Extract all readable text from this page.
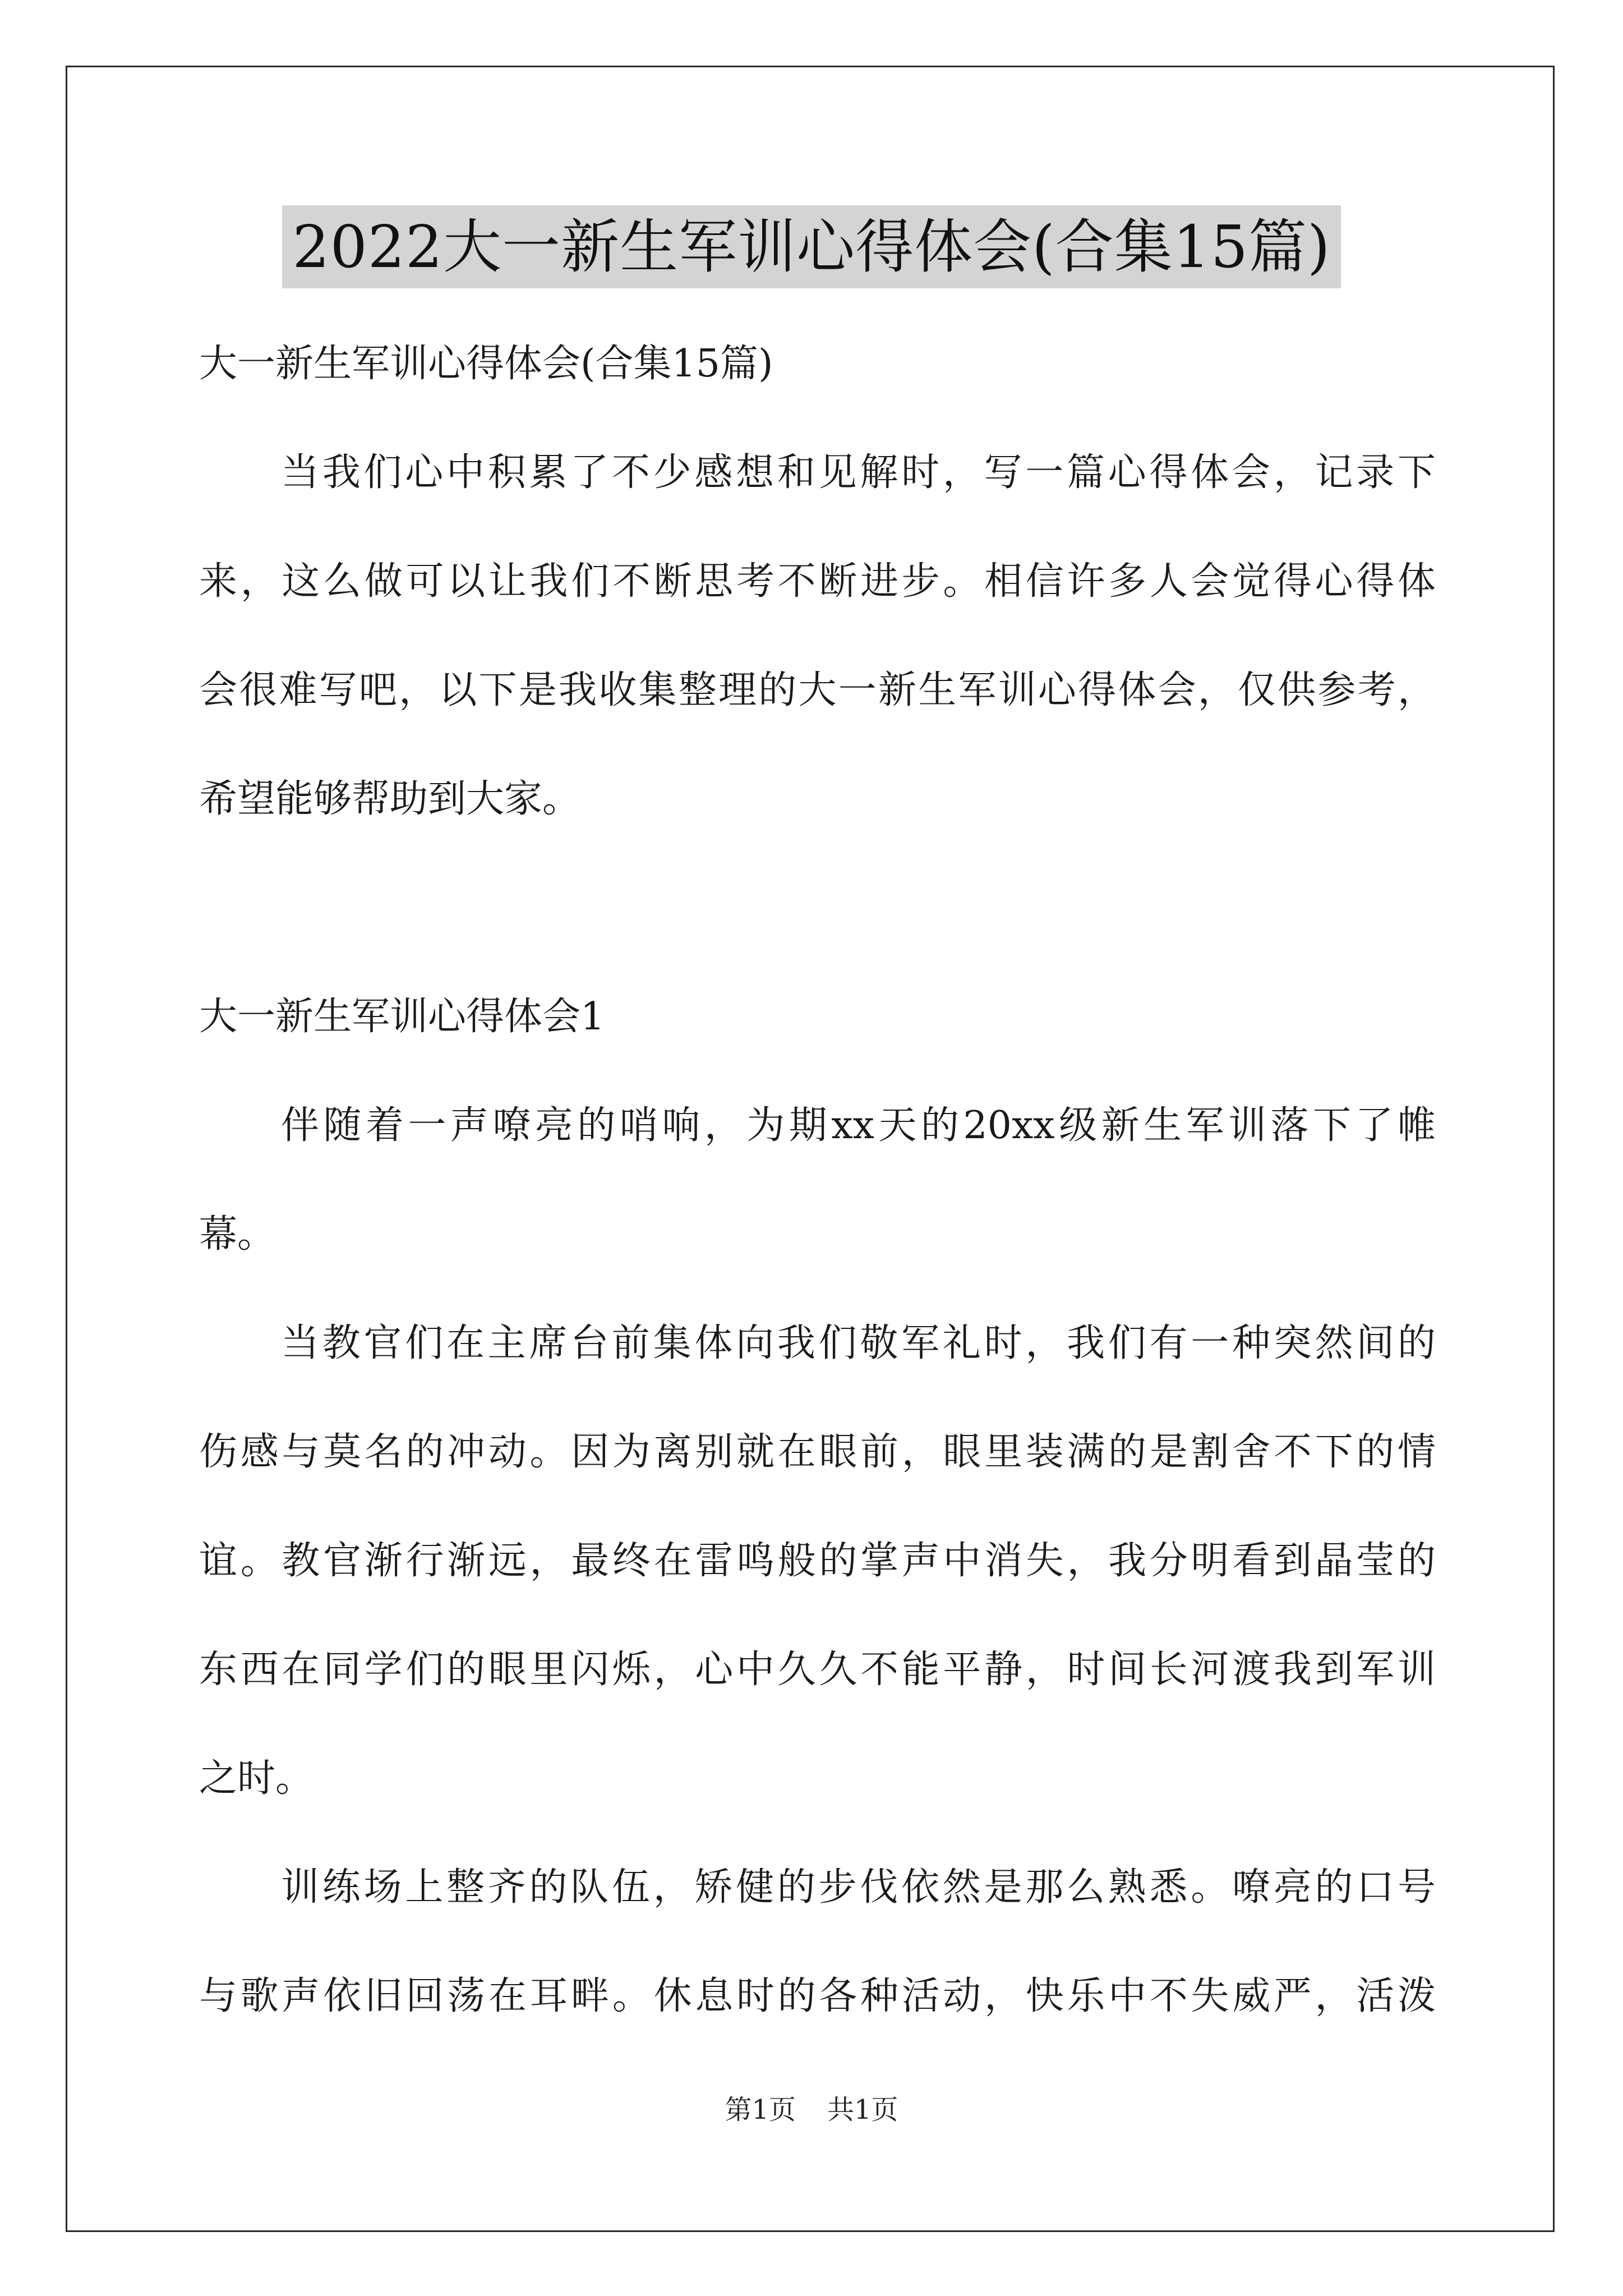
2022大一新生军训心得体会(合集15篇)
大一新生军训心得体会(合集15篇)
当我们心中积累了不少感想和见解时，写一篇心得体会，记录下
来，这么做可以让我们不断思考不断进步。相信许多人会觉得心得体
会很难写吧，以下是我收集整理的大一新生军训心得体会，仅供参考，
希望能够帮助到大家。
大一新生军训心得体会1
伴随着一声嘹亮的哨响，为期xx天的20xx级新生军训落下了帷
幕。
当教官们在主席台前集体向我们敬军礼时，我们有一种突然间的
伤感与莫名的冲动。因为离别就在眼前，眼里装满的是割舍不下的情
谊。教官渐行渐远，最终在雷鸣般的掌声中消失，我分明看到晶莹的
东西在同学们的眼里闪烁，心中久久不能平静，时间长河渡我到军训
之时。
训练场上整齐的队伍，矫健的步伐依然是那么熟悉。嘹亮的口号
与歌声依旧回荡在耳畔。休息时的各种活动，快乐中不失威严，活泼
第1页 共1页
